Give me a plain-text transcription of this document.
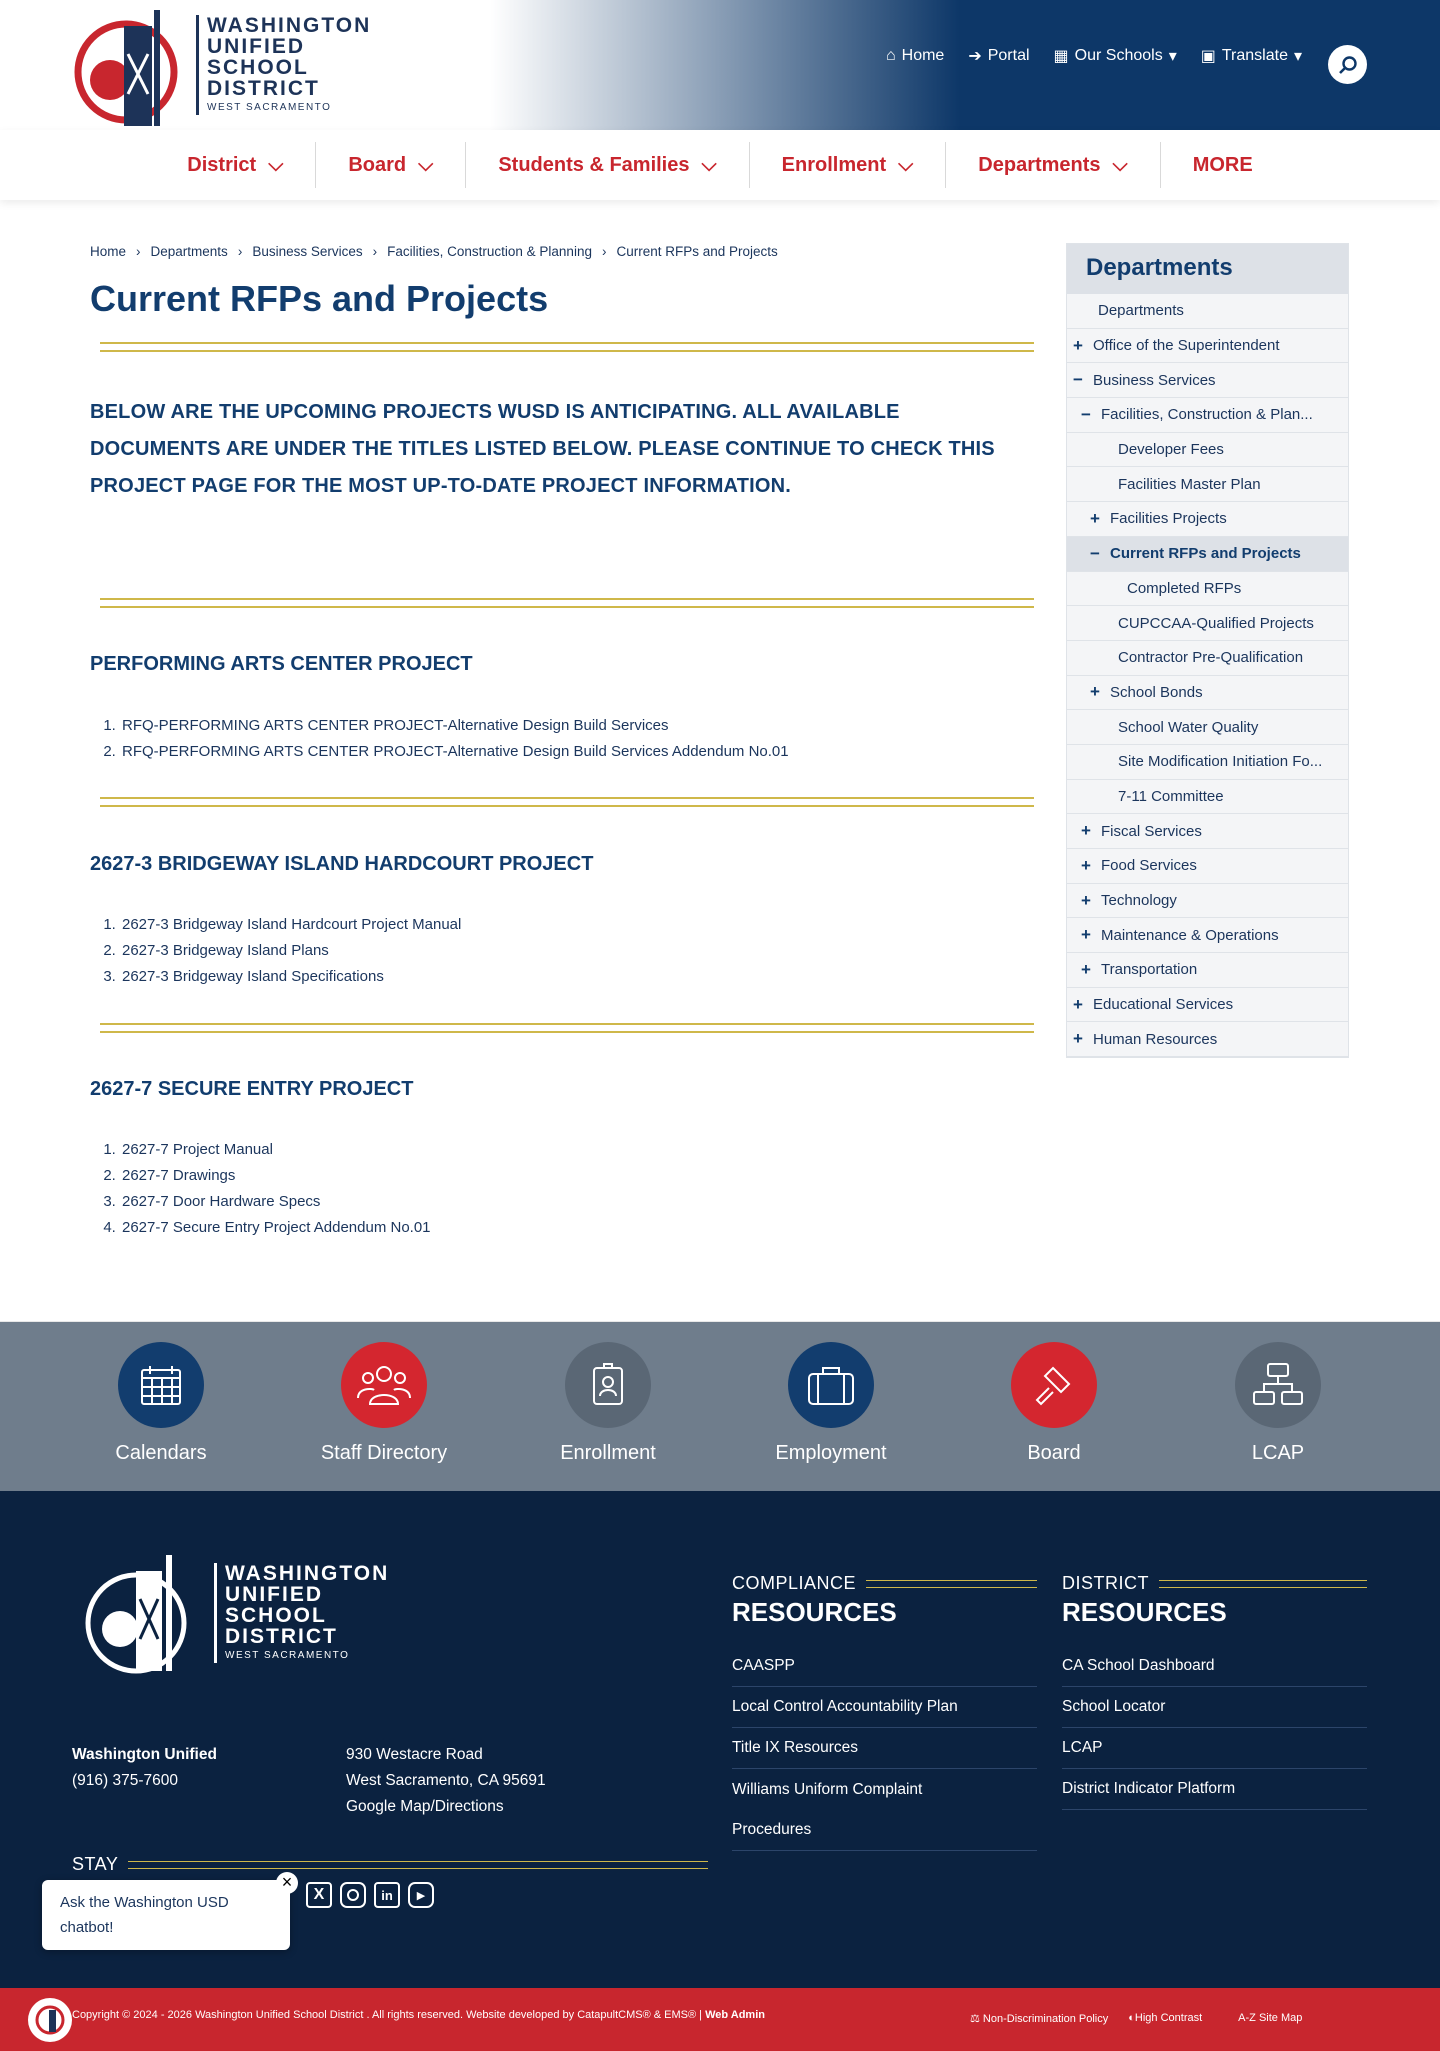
WASHINGTON
UNIFIED
SCHOOL
DISTRICT
WEST SACRAMENTO
⌂ Home ➔ Portal ▦ Our Schools ▾ ▣ Translate ▾
District ⌵	Board ⌵	Students & Families ⌵	Enrollment ⌵	Departments ⌵	MORE
Home › Departments › Business Services › Facilities, Construction & Planning › Current RFPs and Projects
Current RFPs and Projects

BELOW ARE THE UPCOMING PROJECTS WUSD IS ANTICIPATING. ALL AVAILABLE DOCUMENTS ARE UNDER THE TITLES LISTED BELOW. PLEASE CONTINUE TO CHECK THIS PROJECT PAGE FOR THE MOST UP-TO-DATE PROJECT INFORMATION.

PERFORMING ARTS CENTER PROJECT
1. RFQ-PERFORMING ARTS CENTER PROJECT-Alternative Design Build Services
2. RFQ-PERFORMING ARTS CENTER PROJECT-Alternative Design Build Services Addendum No.01
2627-3 BRIDGEWAY ISLAND HARDCOURT PROJECT
1. 2627-3 Bridgeway Island Hardcourt Project Manual
2. 2627-3 Bridgeway Island Plans
3. 2627-3 Bridgeway Island Specifications
2627-7 SECURE ENTRY PROJECT
1. 2627-7 Project Manual
2. 2627-7 Drawings
3. 2627-7 Door Hardware Specs
4. 2627-7 Secure Entry Project Addendum No.01
Departments
Departments
+ Office of the Superintendent
− Business Services
− Facilities, Construction & Plan...
Developer Fees
Facilities Master Plan
+ Facilities Projects
− Current RFPs and Projects
Completed RFPs
CUPCCAA-Qualified Projects
Contractor Pre-Qualification
+ School Bonds
School Water Quality
Site Modification Initiation Fo...
7-11 Committee
+ Fiscal Services
+ Food Services
+ Technology
+ Maintenance & Operations
+ Transportation
+ Educational Services
+ Human Resources
Calendars	Staff Directory	Enrollment	Employment	Board	LCAP
WASHINGTON
UNIFIED
SCHOOL
DISTRICT
WEST SACRAMENTO
Washington Unified
(916) 375-7600
930 Westacre Road
West Sacramento, CA 95691
Google Map/Directions
STAY
X	in	▶
COMPLIANCE
RESOURCES
CAASPP
Local Control Accountability Plan
Title IX Resources
Williams Uniform Complaint
Procedures
DISTRICT
RESOURCES
CA School Dashboard
School Locator
LCAP
District Indicator Platform
Ask the Washington USD chatbot!
×
Copyright © 2024 - 2026 Washington Unified School District . All rights reserved. Website developed by CatapultCMS® & EMS® | Web Admin	⚖ Non-Discrimination Policy ◐High Contrast	A-Z Site Map
